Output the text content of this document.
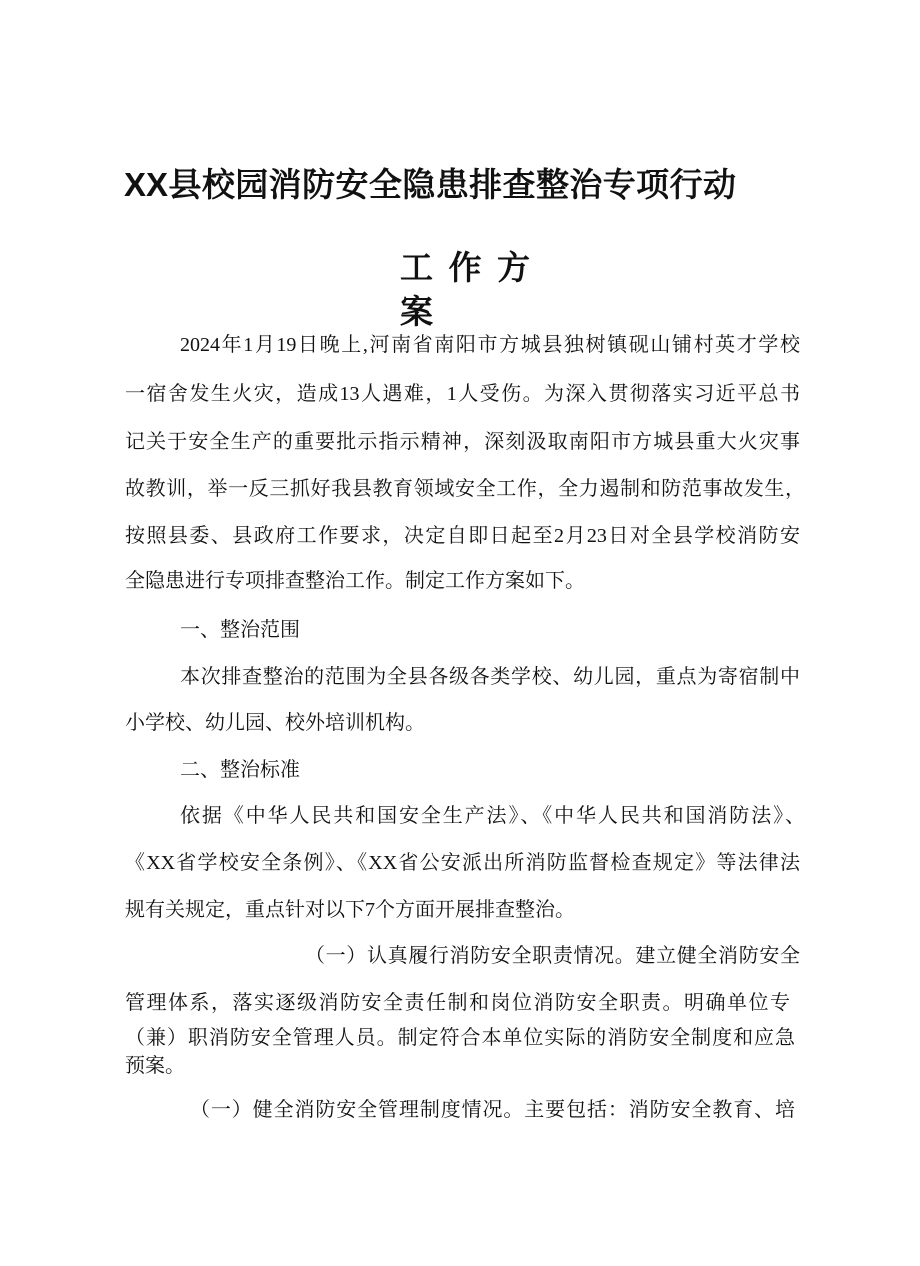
XX县校园消防安全隐患排查整治专项行动
工作方案
2024年1月19日晚上,河南省南阳市方城县独树镇砚山铺村英才学校
一宿舍发生火灾，造成13人遇难，1人受伤。为深入贯彻落实习近平总书
记关于安全生产的重要批示指示精神，深刻汲取南阳市方城县重大火灾事
故教训，举一反三抓好我县教育领域安全工作，全力遏制和防范事故发生，
按照县委、县政府工作要求，决定自即日起至2月23日对全县学校消防安
全隐患进行专项排查整治工作。制定工作方案如下。
一、整治范围
本次排查整治的范围为全县各级各类学校、幼儿园，重点为寄宿制中
小学校、幼儿园、校外培训机构。
二、整治标准
依据《中华人民共和国安全生产法》、《中华人民共和国消防法》、
《XX省学校安全条例》、《XX省公安派出所消防监督检查规定》等法律法
规有关规定，重点针对以下7个方面开展排查整治。
（一）认真履行消防安全职责情况。建立健全消防安全
管理体系，落实逐级消防安全责任制和岗位消防安全职责。明确单位专
（兼）职消防安全管理人员。制定符合本单位实际的消防安全制度和应急
预案。
（一）健全消防安全管理制度情况。主要包括：消防安全教育、培
